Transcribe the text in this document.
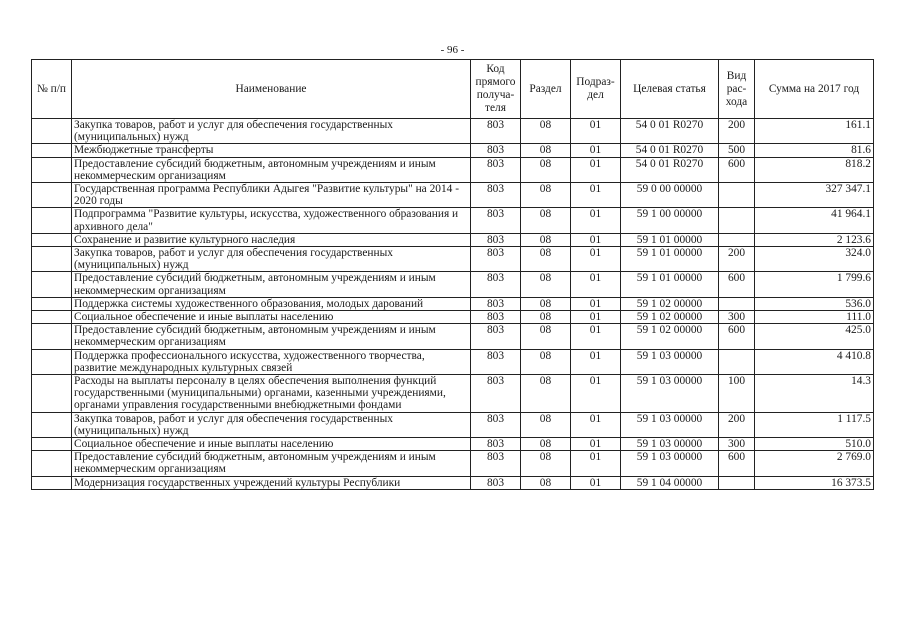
- 96 -
№ п/п	Наименование	Код прямого получа-теля	Раздел	Подраз-дел	Целевая статья	Вид рас-хода	Сумма на 2017 год
	Закупка товаров, работ и услуг для обеспечения государственных (муниципальных) нужд	803	08	01	54 0 01 R0270	200	161.1
	Межбюджетные трансферты	803	08	01	54 0 01 R0270	500	81.6
	Предоставление субсидий бюджетным, автономным учреждениям и иным некоммерческим организациям	803	08	01	54 0 01 R0270	600	818.2
	Государственная программа Республики Адыгея "Развитие культуры" на 2014 - 2020 годы	803	08	01	59 0 00 00000		327 347.1
	Подпрограмма "Развитие культуры, искусства, художественного образования и архивного дела"	803	08	01	59 1 00 00000		41 964.1
	Сохранение и развитие культурного наследия	803	08	01	59 1 01 00000		2 123.6
	Закупка товаров, работ и услуг для обеспечения государственных (муниципальных) нужд	803	08	01	59 1 01 00000	200	324.0
	Предоставление субсидий бюджетным, автономным учреждениям и иным некоммерческим организациям	803	08	01	59 1 01 00000	600	1 799.6
	Поддержка системы художественного образования, молодых дарований	803	08	01	59 1 02 00000		536.0
	Социальное обеспечение и иные выплаты населению	803	08	01	59 1 02 00000	300	111.0
	Предоставление субсидий бюджетным, автономным учреждениям и иным некоммерческим организациям	803	08	01	59 1 02 00000	600	425.0
	Поддержка профессионального искусства, художественного творчества, развитие международных культурных связей	803	08	01	59 1 03 00000		4 410.8
	Расходы на выплаты персоналу в целях обеспечения выполнения функций государственными (муниципальными) органами, казенными учреждениями, органами управления государственными внебюджетными фондами	803	08	01	59 1 03 00000	100	14.3
	Закупка товаров, работ и услуг для обеспечения государственных (муниципальных) нужд	803	08	01	59 1 03 00000	200	1 117.5
	Социальное обеспечение и иные выплаты населению	803	08	01	59 1 03 00000	300	510.0
	Предоставление субсидий бюджетным, автономным учреждениям и иным некоммерческим организациям	803	08	01	59 1 03 00000	600	2 769.0
	Модернизация государственных учреждений культуры Республики	803	08	01	59 1 04 00000		16 373.5
